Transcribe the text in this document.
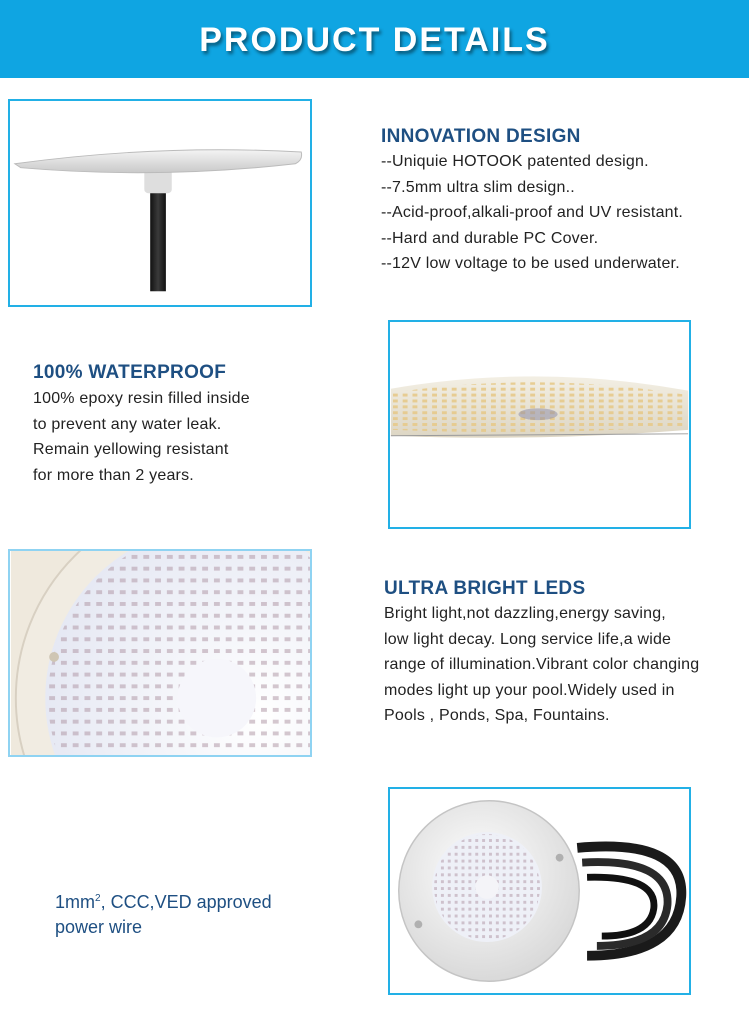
PRODUCT DETAILS
INNOVATION DESIGN
--Uniquie HOTOOK patented design.
--7.5mm ultra slim design..
--Acid-proof,alkali-proof and UV resistant.
--Hard and durable PC Cover.
--12V low voltage to be used underwater.
100% WATERPROOF
100% epoxy resin filled inside
to prevent any water leak.
Remain yellowing resistant
for more than 2 years.
ULTRA BRIGHT LEDS
Bright light,not dazzling,energy saving,
low light decay. Long service life,a wide
range of illumination.Vibrant color changing
modes light up your pool.Widely used in
Pools , Ponds, Spa, Fountains.
$1mm^2$, CCC,VED approved
power wire
